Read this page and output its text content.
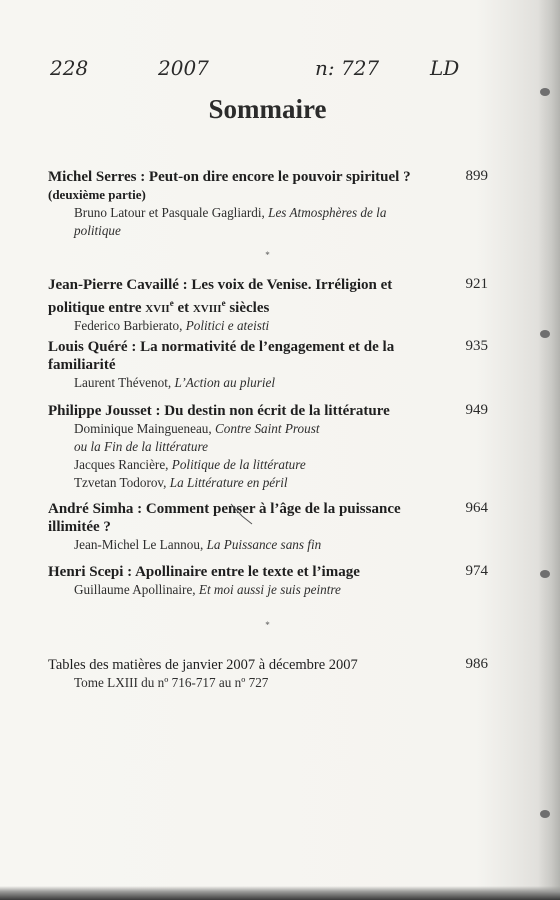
228	2007	n: 727	LD
Sommaire
Michel Serres : Peut-on dire encore le pouvoir spirituel ?
(deuxième partie)
899
Bruno Latour et Pasquale Gagliardi, Les Atmosphères de la
politique
*
Jean-Pierre Cavaillé : Les voix de Venise. Irréligion et
politique entre xvii$^e$ et xviii$^e$ siècles
921
Federico Barbierato, Politici e ateisti
Louis Quéré : La normativité de l’engagement et de la
familiarité
935
Laurent Thévenot, L’Action au pluriel
Philippe Jousset : Du destin non écrit de la littérature	949
Dominique Maingueneau, Contre Saint Proust
ou la Fin de la littérature
Jacques Rancière, Politique de la littérature
Tzvetan Todorov, La Littérature en péril
André Simha : Comment penser à l’âge de la puissance
illimitée ?
964
Jean-Michel Le Lannou, La Puissance sans fin
Henri Scepi : Apollinaire entre le texte et l’image	974
Guillaume Apollinaire, Et moi aussi je suis peintre
*
Tables des matières de janvier 2007 à décembre 2007	986
Tome LXIII du nº 716-717 au nº 727
